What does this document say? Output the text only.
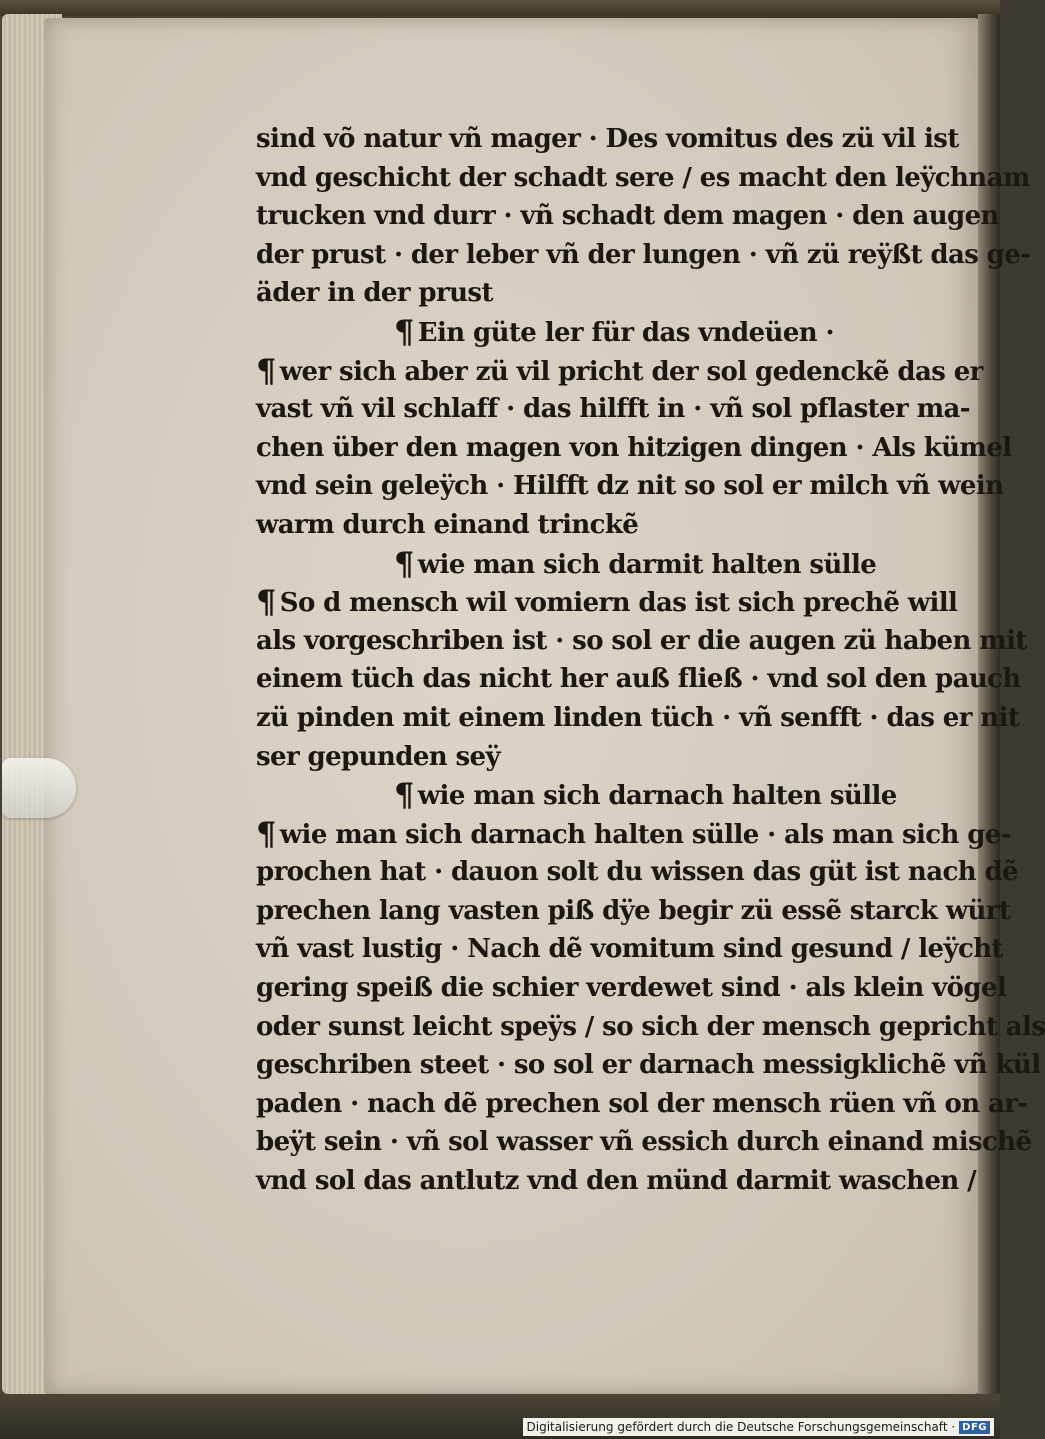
sind võ natur vñ mager · Des vomitus des zü vil ist
vnd geschicht der schadt sere / es macht den leÿchnam
trucken vnd durr · vñ schadt dem magen · den augen
der prust · der leber vñ der lungen · vñ zü reÿßt das ge-
äder in der prust
¶ Ein güte ler für das vndeüen ·
¶ wer sich aber zü vil pricht der sol gedenckẽ das er
vast vñ vil schlaff · das hilfft in · vñ sol pflaster ma-
chen über den magen von hitzigen dingen · Als kümel
vnd sein geleÿch · Hilfft dz nit so sol er milch vñ wein
warm durch einand trinckẽ
¶ wie man sich darmit halten sülle
¶ So d mensch wil vomiern das ist sich prechẽ will
als vorgeschriben ist · so sol er die augen zü haben mit
einem tüch das nicht her auß fließ · vnd sol den pauch
zü pinden mit einem linden tüch · vñ senfft · das er nit
ser gepunden seÿ
¶ wie man sich darnach halten sülle
¶ wie man sich darnach halten sülle · als man sich ge-
prochen hat · dauon solt du wissen das güt ist nach dẽ
prechen lang vasten piß dÿe begir zü essẽ starck würt
vñ vast lustig · Nach dẽ vomitum sind gesund / leÿcht
gering speiß die schier verdewet sind · als klein vögel
oder sunst leicht speÿs / so sich der mensch gepricht als
geschriben steet · so sol er darnach messigklichẽ vñ kül
paden · nach dẽ prechen sol der mensch rüen vñ on ar-
beÿt sein · vñ sol wasser vñ essich durch einand mischẽ
vnd sol das antlutz vnd den münd darmit waschen /
Digitalisierung gefördert durch die Deutsche Forschungsgemeinschaft · DFG
